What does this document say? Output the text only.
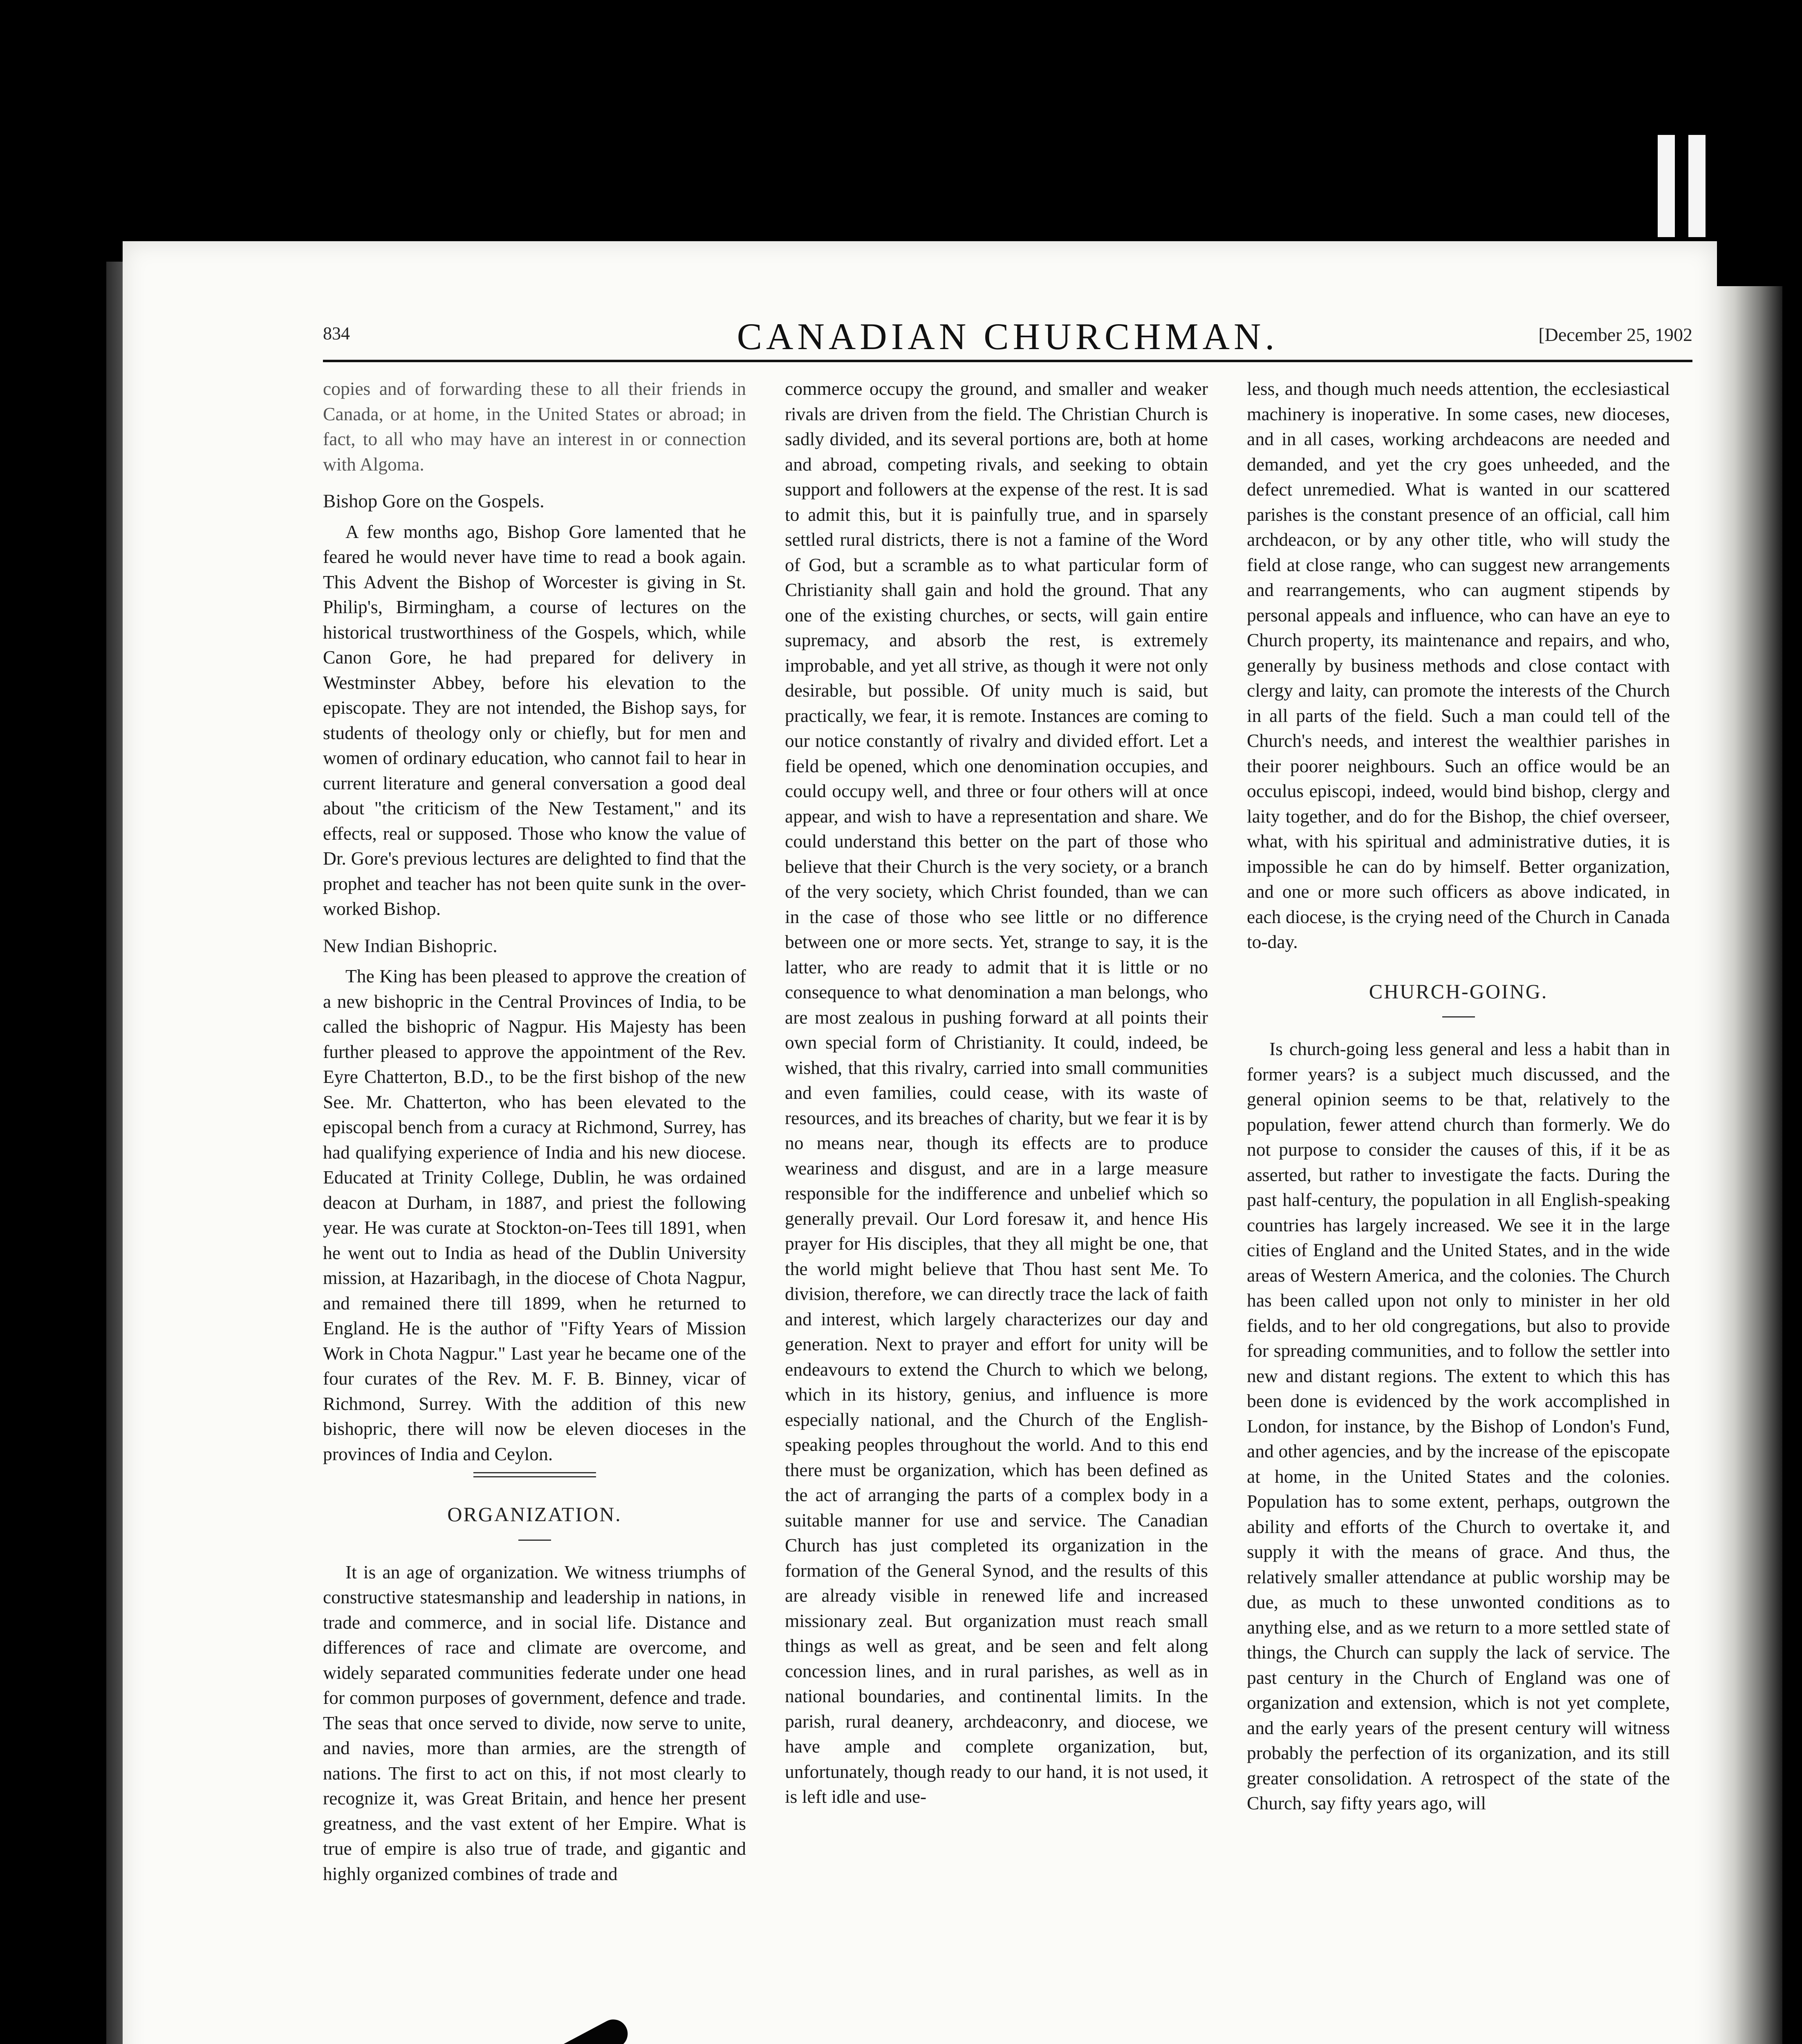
834	CANADIAN CHURCHMAN.	[December 25, 1902

copies and of forwarding these to all their friends in Canada, or at home, in the United States or abroad; in fact, to all who may have an interest in or connection with Algoma.

Bishop Gore on the Gospels.

A few months ago, Bishop Gore lamented that he feared he would never have time to read a book again. This Advent the Bishop of Worcester is giving in St. Philip's, Birmingham, a course of lectures on the historical trustworthiness of the Gospels, which, while Canon Gore, he had prepared for delivery in Westminster Abbey, before his elevation to the episcopate. They are not intended, the Bishop says, for students of theology only or chiefly, but for men and women of ordinary education, who cannot fail to hear in current literature and general conversation a good deal about "the criticism of the New Testament," and its effects, real or supposed. Those who know the value of Dr. Gore's previous lectures are delighted to find that the prophet and teacher has not been quite sunk in the over-worked Bishop.

New Indian Bishopric.

The King has been pleased to approve the creation of a new bishopric in the Central Provinces of India, to be called the bishopric of Nagpur. His Majesty has been further pleased to approve the appointment of the Rev. Eyre Chatterton, B.D., to be the first bishop of the new See. Mr. Chatterton, who has been elevated to the episcopal bench from a curacy at Richmond, Surrey, has had qualifying experience of India and his new diocese. Educated at Trinity College, Dublin, he was ordained deacon at Durham, in 1887, and priest the following year. He was curate at Stockton-on-Tees till 1891, when he went out to India as head of the Dublin University mission, at Hazaribagh, in the diocese of Chota Nagpur, and remained there till 1899, when he returned to England. He is the author of "Fifty Years of Mission Work in Chota Nagpur." Last year he became one of the four curates of the Rev. M. F. B. Binney, vicar of Richmond, Surrey. With the addition of this new bishopric, there will now be eleven dioceses in the provinces of India and Ceylon.

ORGANIZATION.

It is an age of organization. We witness triumphs of constructive statesmanship and leadership in nations, in trade and commerce, and in social life. Distance and differences of race and climate are overcome, and widely separated communities federate under one head for common purposes of government, defence and trade. The seas that once served to divide, now serve to unite, and navies, more than armies, are the strength of nations. The first to act on this, if not most clearly to recognize it, was Great Britain, and hence her present greatness, and the vast extent of her Empire. What is true of empire is also true of trade, and gigantic and highly organized combines of trade and

commerce occupy the ground, and smaller and weaker rivals are driven from the field. The Christian Church is sadly divided, and its several portions are, both at home and abroad, competing rivals, and seeking to obtain support and followers at the expense of the rest. It is sad to admit this, but it is painfully true, and in sparsely settled rural districts, there is not a famine of the Word of God, but a scramble as to what particular form of Christianity shall gain and hold the ground. That any one of the existing churches, or sects, will gain entire supremacy, and absorb the rest, is extremely improbable, and yet all strive, as though it were not only desirable, but possible. Of unity much is said, but practically, we fear, it is remote. Instances are coming to our notice constantly of rivalry and divided effort. Let a field be opened, which one denomination occupies, and could occupy well, and three or four others will at once appear, and wish to have a representation and share. We could understand this better on the part of those who believe that their Church is the very society, or a branch of the very society, which Christ founded, than we can in the case of those who see little or no difference between one or more sects. Yet, strange to say, it is the latter, who are ready to admit that it is little or no consequence to what denomination a man belongs, who are most zealous in pushing forward at all points their own special form of Christianity. It could, indeed, be wished, that this rivalry, carried into small communities and even families, could cease, with its waste of resources, and its breaches of charity, but we fear it is by no means near, though its effects are to produce weariness and disgust, and are in a large measure responsible for the indifference and unbelief which so generally prevail. Our Lord foresaw it, and hence His prayer for His disciples, that they all might be one, that the world might believe that Thou hast sent Me. To division, therefore, we can directly trace the lack of faith and interest, which largely characterizes our day and generation. Next to prayer and effort for unity will be endeavours to extend the Church to which we belong, which in its history, genius, and influence is more especially national, and the Church of the English-speaking peoples throughout the world. And to this end there must be organization, which has been defined as the act of arranging the parts of a complex body in a suitable manner for use and service. The Canadian Church has just completed its organization in the formation of the General Synod, and the results of this are already visible in renewed life and increased missionary zeal. But organization must reach small things as well as great, and be seen and felt along concession lines, and in rural parishes, as well as in national boundaries, and continental limits. In the parish, rural deanery, archdeaconry, and diocese, we have ample and complete organization, but, unfortunately, though ready to our hand, it is not used, it is left idle and use-

less, and though much needs attention, the ecclesiastical machinery is inoperative. In some cases, new dioceses, and in all cases, working archdeacons are needed and demanded, and yet the cry goes unheeded, and the defect unremedied. What is wanted in our scattered parishes is the constant presence of an official, call him archdeacon, or by any other title, who will study the field at close range, who can suggest new arrangements and rearrangements, who can augment stipends by personal appeals and influence, who can have an eye to Church property, its maintenance and repairs, and who, generally by business methods and close contact with clergy and laity, can promote the interests of the Church in all parts of the field. Such a man could tell of the Church's needs, and interest the wealthier parishes in their poorer neighbours. Such an office would be an occulus episcopi, indeed, would bind bishop, clergy and laity together, and do for the Bishop, the chief overseer, what, with his spiritual and administrative duties, it is impossible he can do by himself. Better organization, and one or more such officers as above indicated, in each diocese, is the crying need of the Church in Canada to-day.

CHURCH-GOING.

Is church-going less general and less a habit than in former years? is a subject much discussed, and the general opinion seems to be that, relatively to the population, fewer attend church than formerly. We do not purpose to consider the causes of this, if it be as asserted, but rather to investigate the facts. During the past half-century, the population in all English-speaking countries has largely increased. We see it in the large cities of England and the United States, and in the wide areas of Western America, and the colonies. The Church has been called upon not only to minister in her old fields, and to her old congregations, but also to provide for spreading communities, and to follow the settler into new and distant regions. The extent to which this has been done is evidenced by the work accomplished in London, for instance, by the Bishop of London's Fund, and other agencies, and by the increase of the episcopate at home, in the United States and the colonies. Population has to some extent, perhaps, outgrown the ability and efforts of the Church to overtake it, and supply it with the means of grace. And thus, the relatively smaller attendance at public worship may be due, as much to these unwonted conditions as to anything else, and as we return to a more settled state of things, the Church can supply the lack of service. The past century in the Church of England was one of organization and extension, which is not yet complete, and the early years of the present century will witness probably the perfection of its organization, and its still greater consolidation. A retrospect of the state of the Church, say fifty years ago, will
